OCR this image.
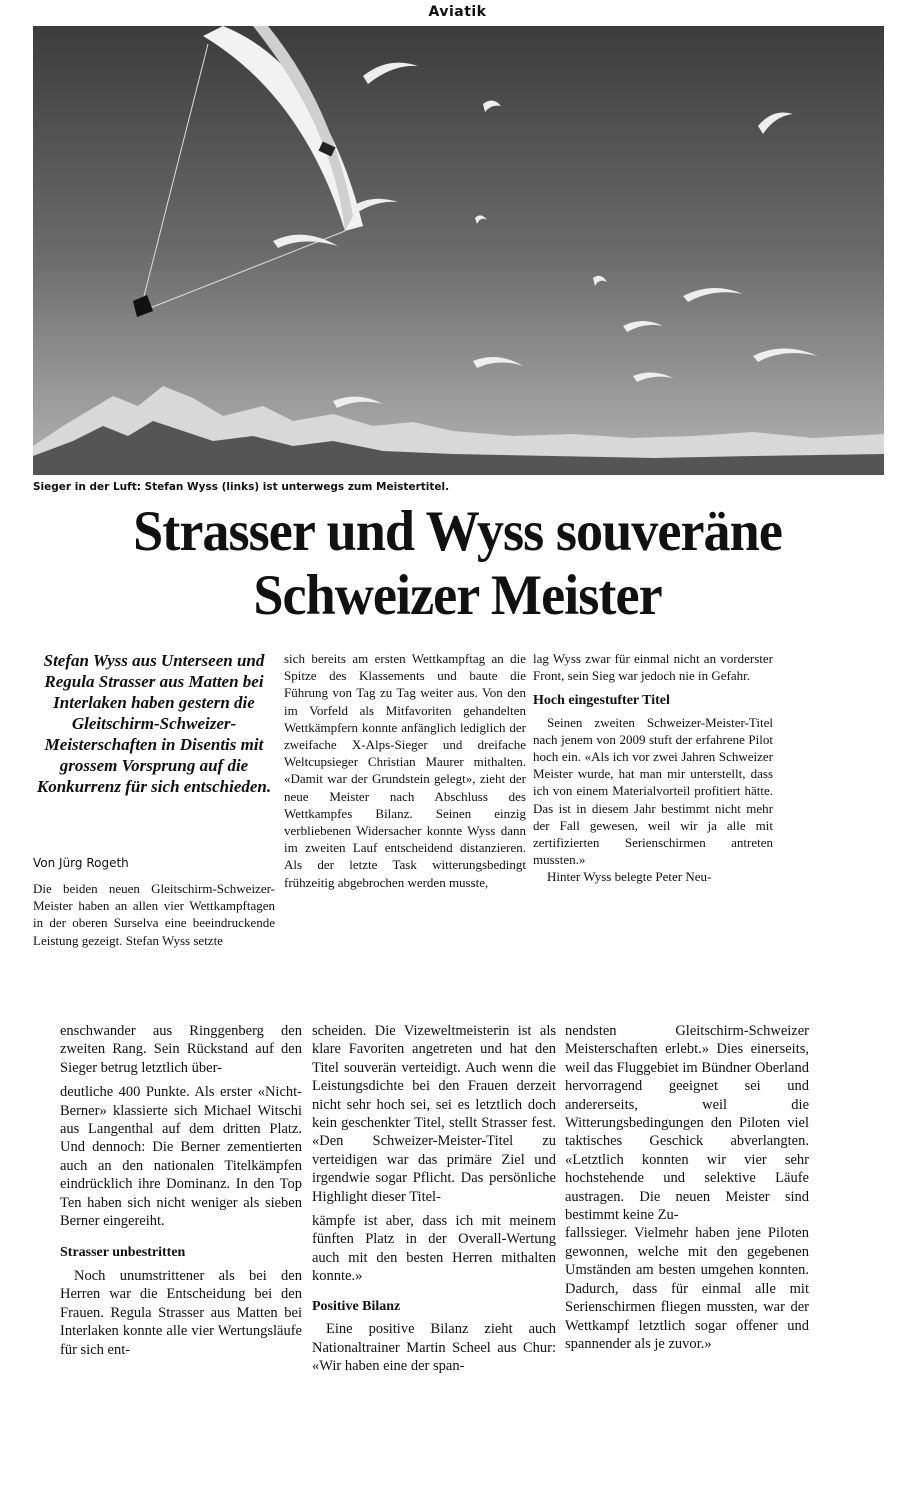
Aviatik
Sieger in der Luft: Stefan Wyss (links) ist unterwegs zum Meistertitel.
Strasser und Wyss souveräne
Schweizer Meister
Stefan Wyss aus Unterseen und Regula Strasser aus Matten bei Interlaken haben gestern die Gleitschirm-Schweizer-Meisterschaften in Disentis mit grossem Vorsprung auf die Konkurrenz für sich entschieden.
Von Jürg Rogeth

Die beiden neuen Gleitschirm-Schweizer-Meister haben an allen vier Wettkampftagen in der oberen Surselva eine beeindruckende Leistung gezeigt. Stefan Wyss setzte

sich bereits am ersten Wettkampftag an die Spitze des Klassements und baute die Führung von Tag zu Tag weiter aus. Von den im Vorfeld als Mitfavoriten gehandelten Wettkämpfern konnte anfänglich lediglich der zweifache X-Alps-Sieger und dreifache Weltcupsieger Christian Maurer mithalten. «Damit war der Grundstein gelegt», zieht der neue Meister nach Abschluss des Wettkampfes Bilanz. Seinen einzig verbliebenen Widersacher konnte Wyss dann im zweiten Lauf entscheidend distanzieren. Als der letzte Task witterungsbedingt frühzeitig abgebrochen werden musste,

lag Wyss zwar für einmal nicht an vorderster Front, sein Sieg war jedoch nie in Gefahr.

Hoch eingestufter Titel

Seinen zweiten Schweizer-Meister-Titel nach jenem von 2009 stuft der erfahrene Pilot hoch ein. «Als ich vor zwei Jahren Schweizer Meister wurde, hat man mir unterstellt, dass ich von einem Materialvorteil profitiert hätte. Das ist in diesem Jahr bestimmt nicht mehr der Fall gewesen, weil wir ja alle mit zertifizierten Serienschirmen antreten mussten.»

Hinter Wyss belegte Peter Neu-

enschwander aus Ringgenberg den zweiten Rang. Sein Rückstand auf den Sieger betrug letztlich über-

deutliche 400 Punkte. Als erster «Nicht-Berner» klassierte sich Michael Witschi aus Langenthal auf dem dritten Platz. Und dennoch: Die Berner zementierten auch an den nationalen Titelkämpfen eindrücklich ihre Dominanz. In den Top Ten haben sich nicht weniger als sieben Berner eingereiht.

Strasser unbestritten

Noch unumstrittener als bei den Herren war die Entscheidung bei den Frauen. Regula Strasser aus Matten bei Interlaken konnte alle vier Wertungsläufe für sich ent-

scheiden. Die Vizeweltmeisterin ist als klare Favoriten angetreten und hat den Titel souverän verteidigt. Auch wenn die Leistungsdichte bei den Frauen derzeit nicht sehr hoch sei, sei es letztlich doch kein geschenkter Titel, stellt Strasser fest. «Den Schweizer-Meister-Titel zu verteidigen war das primäre Ziel und irgendwie sogar Pflicht. Das persönliche Highlight dieser Titel-

kämpfe ist aber, dass ich mit meinem fünften Platz in der Overall-Wertung auch mit den besten Herren mithalten konnte.»

Positive Bilanz

Eine positive Bilanz zieht auch Nationaltrainer Martin Scheel aus Chur: «Wir haben eine der span-

nendsten Gleitschirm-Schweizer Meisterschaften erlebt.» Dies einerseits, weil das Fluggebiet im Bündner Oberland hervorragend geeignet sei und andererseits, weil die Witterungsbedingungen den Piloten viel taktisches Geschick abverlangten. «Letztlich konnten wir vier sehr hochstehende und selektive Läufe austragen. Die neuen Meister sind bestimmt keine Zu-

fallssieger. Vielmehr haben jene Piloten gewonnen, welche mit den gegebenen Umständen am besten umgehen konnten. Dadurch, dass für einmal alle mit Serienschirmen fliegen mussten, war der Wettkampf letztlich sogar offener und spannender als je zuvor.»
